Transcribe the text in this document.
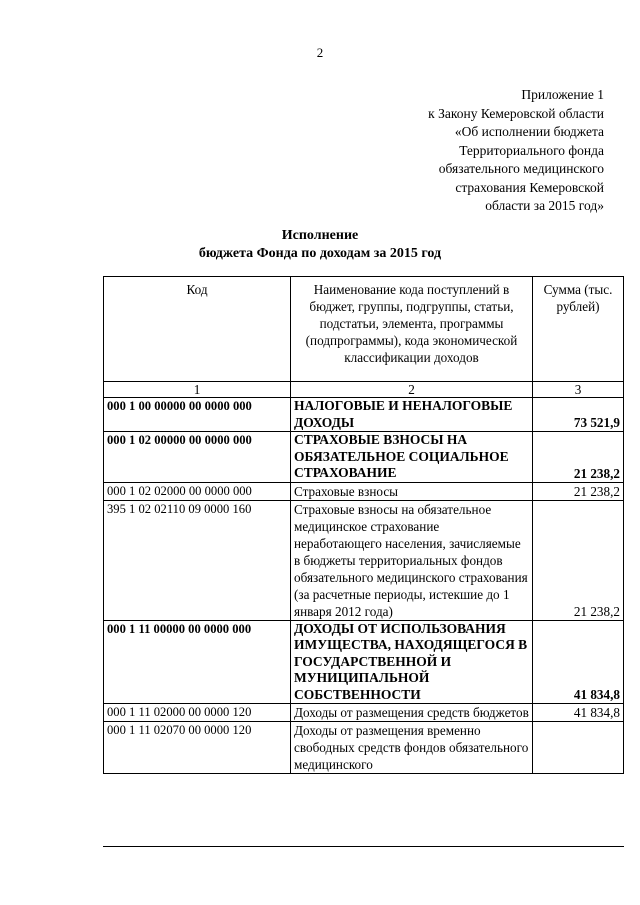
2
Приложение 1
к Закону Кемеровской области
«Об исполнении бюджета
Территориального фонда
обязательного медицинского
страхования Кемеровской
области за 2015 год»
Исполнение
бюджета Фонда по доходам за 2015 год
Код	Наименование кода поступлений в бюджет, группы, подгруппы, статьи, подстатьи, элемента, программы (подпрограммы), кода экономической классификации доходов	Сумма (тыс. рублей)
1	2	3
000 1 00 00000 00 0000 000	НАЛОГОВЫЕ И НЕНАЛОГОВЫЕ ДОХОДЫ	73 521,9
000 1 02 00000 00 0000 000	СТРАХОВЫЕ ВЗНОСЫ НА ОБЯЗАТЕЛЬНОЕ СОЦИАЛЬНОЕ СТРАХОВАНИЕ	21 238,2
000 1 02 02000 00 0000 000	Страховые взносы	21 238,2
395 1 02 02110 09 0000 160	Страховые взносы на обязательное медицинское страхование неработающего населения, зачисляемые в бюджеты территориальных фондов обязательного медицинского страхования (за расчетные периоды, истекшие до 1 января 2012 года)	21 238,2
000 1 11 00000 00 0000 000	ДОХОДЫ ОТ ИСПОЛЬЗОВАНИЯ ИМУЩЕСТВА, НАХОДЯЩЕГОСЯ В ГОСУДАРСТВЕННОЙ И МУНИЦИПАЛЬНОЙ СОБСТВЕННОСТИ	41 834,8
000 1 11 02000 00 0000 120	Доходы от размещения средств бюджетов	41 834,8
000 1 11 02070 00 0000 120	Доходы от размещения временно свободных средств фондов обязательного медицинского	
